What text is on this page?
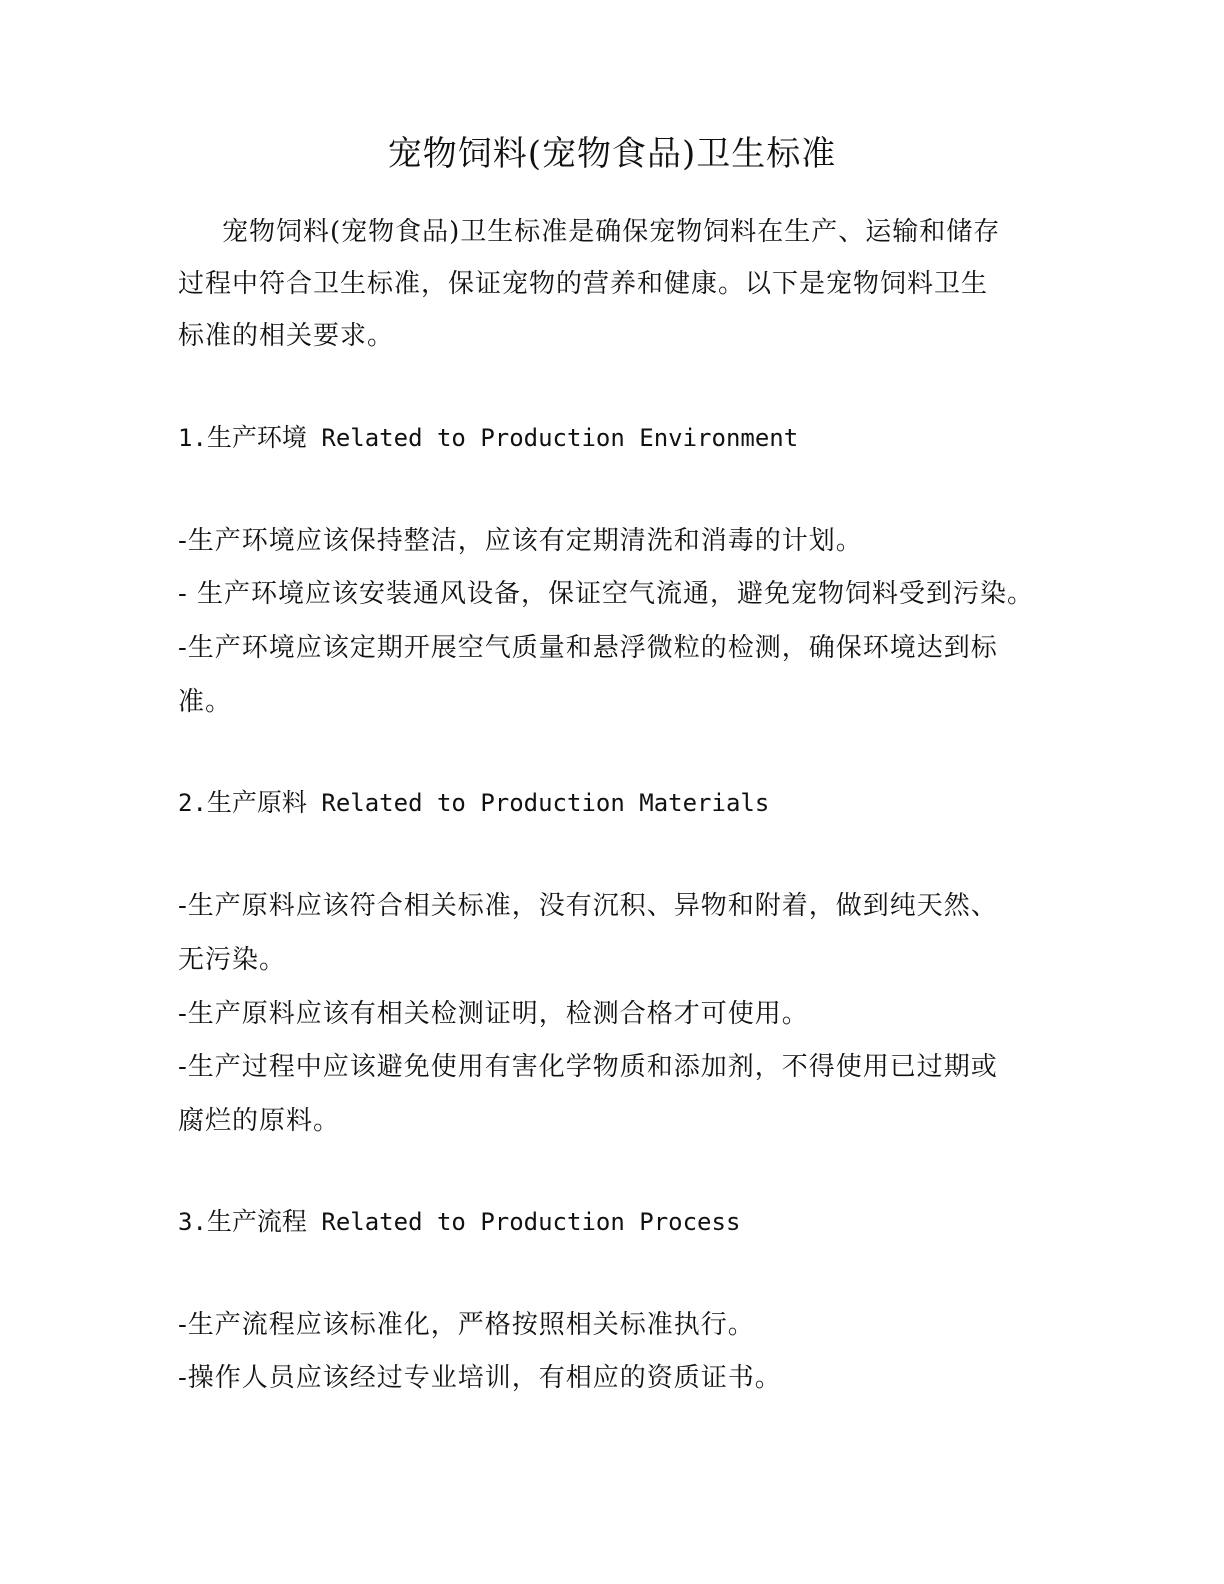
宠物饲料(宠物食品)卫生标准
宠物饲料(宠物食品)卫生标准是确保宠物饲料在生产、运输和储存
过程中符合卫生标准，保证宠物的营养和健康。以下是宠物饲料卫生
标准的相关要求。
1.生产环境 Related to Production Environment
-生产环境应该保持整洁，应该有定期清洗和消毒的计划。
- 生产环境应该安装通风设备，保证空气流通，避免宠物饲料受到污染。
-生产环境应该定期开展空气质量和悬浮微粒的检测，确保环境达到标
准。
2.生产原料 Related to Production Materials
-生产原料应该符合相关标准，没有沉积、异物和附着，做到纯天然、
无污染。
-生产原料应该有相关检测证明，检测合格才可使用。
-生产过程中应该避免使用有害化学物质和添加剂，不得使用已过期或
腐烂的原料。
3.生产流程 Related to Production Process
-生产流程应该标准化，严格按照相关标准执行。
-操作人员应该经过专业培训，有相应的资质证书。
